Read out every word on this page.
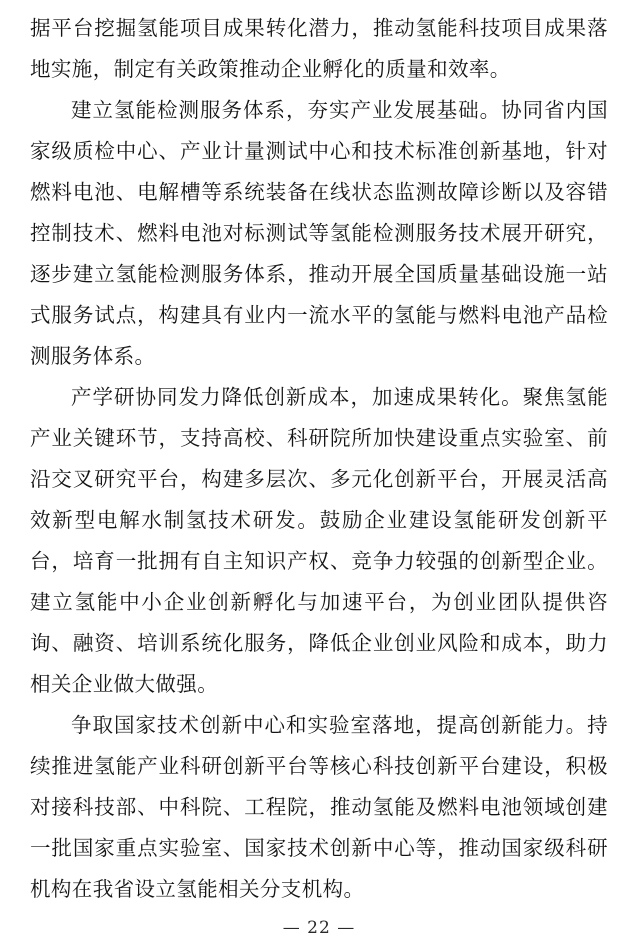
据平台挖掘氢能项目成果转化潜力，推动氢能科技项目成果落地实施，制定有关政策推动企业孵化的质量和效率。

建立氢能检测服务体系，夯实产业发展基础。协同省内国家级质检中心、产业计量测试中心和技术标准创新基地，针对燃料电池、电解槽等系统装备在线状态监测故障诊断以及容错控制技术、燃料电池对标测试等氢能检测服务技术展开研究，逐步建立氢能检测服务体系，推动开展全国质量基础设施一站式服务试点，构建具有业内一流水平的氢能与燃料电池产品检测服务体系。

产学研协同发力降低创新成本，加速成果转化。聚焦氢能产业关键环节，支持高校、科研院所加快建设重点实验室、前沿交叉研究平台，构建多层次、多元化创新平台，开展灵活高效新型电解水制氢技术研发。鼓励企业建设氢能研发创新平台，培育一批拥有自主知识产权、竞争力较强的创新型企业。建立氢能中小企业创新孵化与加速平台，为创业团队提供咨询、融资、培训系统化服务，降低企业创业风险和成本，助力相关企业做大做强。

争取国家技术创新中心和实验室落地，提高创新能力。持续推进氢能产业科研创新平台等核心科技创新平台建设，积极对接科技部、中科院、工程院，推动氢能及燃料电池领域创建一批国家重点实验室、国家技术创新中心等，推动国家级科研机构在我省设立氢能相关分支机构。

— 22 —
